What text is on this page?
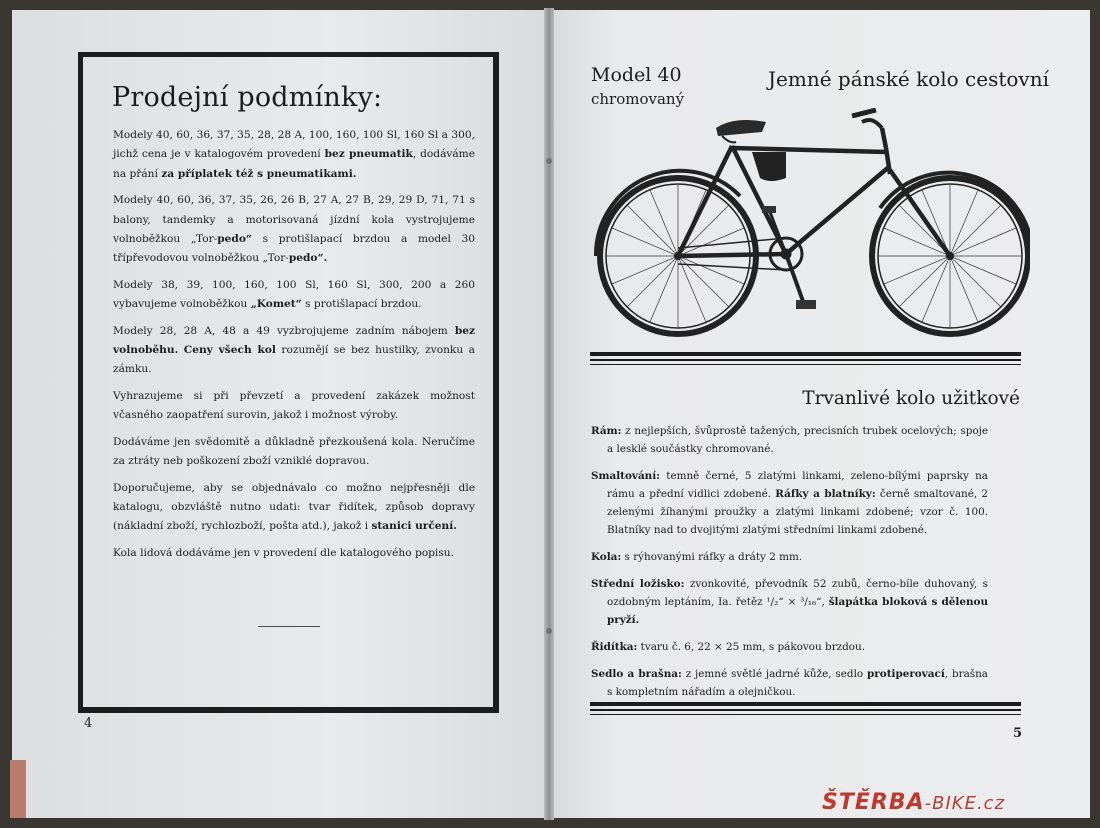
Prodejní podmínky:

Modely 40, 60, 36, 37, 35, 28, 28 A, 100, 160, 100 Sl, 160 Sl a 300, jichž cena je v katalogovém provedení bez pneumatik, dodáváme na přání za příplatek též s pneumatikami.

Modely 40, 60, 36, 37, 35, 26, 26 B, 27 A, 27 B, 29, 29 D, 71, 71 s balony, tandemky a motorisovaná jízdní kola vystrojujeme volnoběžkou „Tor-pedo“ s protišlapací brzdou a model 30 třípřevodovou volnoběžkou „Tor-pedo“.

Modely 38, 39, 100, 160, 100 Sl, 160 Sl, 300, 200 a 260 vybavujeme volnoběžkou „Komet“ s protišlapací brzdou.

Modely 28, 28 A, 48 a 49 vyzbrojujeme zadním nábojem bez volnoběhu. Ceny všech kol rozumějí se bez hustilky, zvonku a zámku.

Vyhrazujeme si při převzetí a provedení zakázek možnost včasného zaopatření surovin, jakož i možnost výroby.

Dodáváme jen svědomitě a důkladně přezkoušená kola. Neručíme za ztráty neb poškození zboží vzniklé dopravou.

Doporučujeme, aby se objednávalo co možno nejpřesněji dle katalogu, obzvláště nutno udati: tvar řidítek, způsob dopravy (nákladní zboží, rychlozboží, pošta atd.), jakož i stanici určení.

Kola lidová dodáváme jen v provedení dle katalogového popisu.

4
Model 40
chromovaný
Jemné pánské kolo cestovní
Trvanlivé kolo užitkové

Rám: z nejlepších, švůprostě tažených, precisních trubek ocelových; spoje a lesklé součástky chromované.

Smaltování: temně černé, 5 zlatými linkami, zeleno-bílými paprsky na rámu a přední vidlici zdobené. Ráfky a blatníky: černě smaltované, 2 zelenými žíhanými proužky a zlatými linkami zdobené; vzor č. 100. Blatníky nad to dvojitými zlatými středními linkami zdobené.

Kola: s rýhovanými ráfky a dráty 2 mm.

Střední ložisko: zvonkovité, převodník 52 zubů, černo-bíle duhovaný, s ozdobným leptáním, Ia. řetěz ¹/₂“ × ³/₁₆“, šlapátka bloková s dělenou pryží.

Řidítka: tvaru č. 6, 22 × 25 mm, s pákovou brzdou.

Sedlo a brašna: z jemné světlé jadrné kůže, sedlo protiperovací, brašna s kompletním nářadím a olejničkou.

5
ŠTĚRBA-BIKE.cz
